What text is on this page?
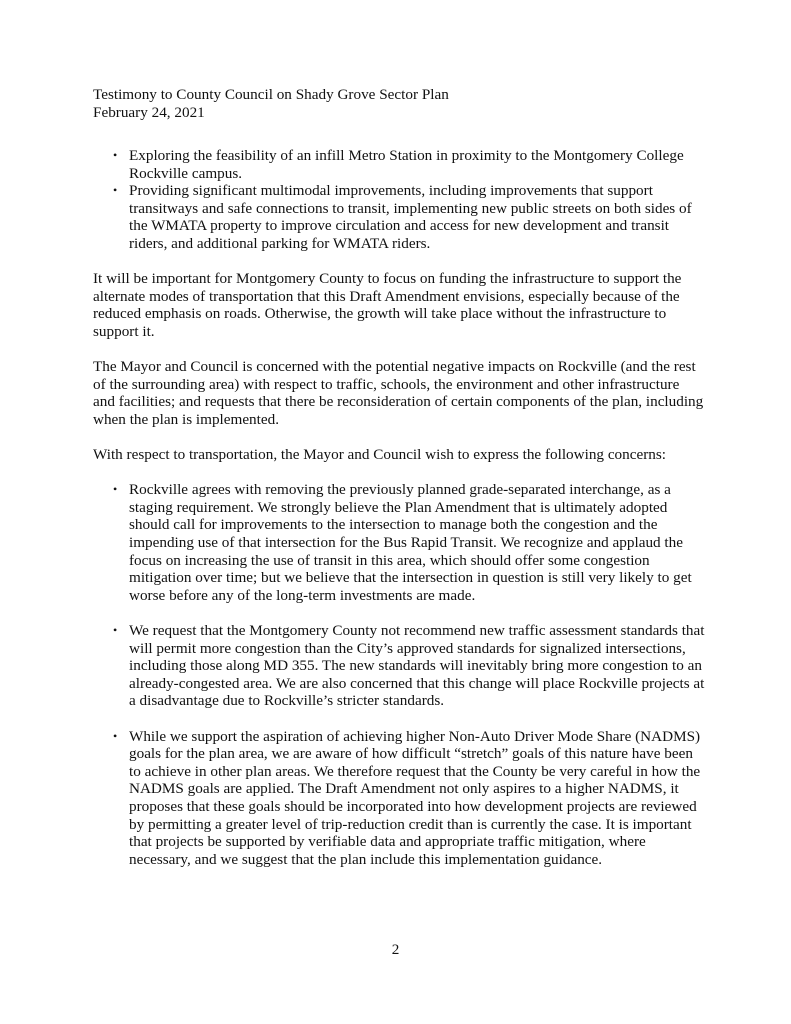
Testimony to County Council on Shady Grove Sector Plan
February 24, 2021
• Exploring the feasibility of an infill Metro Station in proximity to the Montgomery College Rockville campus.
• Providing significant multimodal improvements, including improvements that support transitways and safe connections to transit, implementing new public streets on both sides of the WMATA property to improve circulation and access for new development and transit riders, and additional parking for WMATA riders.

It will be important for Montgomery County to focus on funding the infrastructure to support the alternate modes of transportation that this Draft Amendment envisions, especially because of the reduced emphasis on roads. Otherwise, the growth will take place without the infrastructure to support it.

The Mayor and Council is concerned with the potential negative impacts on Rockville (and the rest of the surrounding area) with respect to traffic, schools, the environment and other infrastructure and facilities; and requests that there be reconsideration of certain components of the plan, including when the plan is implemented.

With respect to transportation, the Mayor and Council wish to express the following concerns:

• Rockville agrees with removing the previously planned grade-separated interchange, as a staging requirement. We strongly believe the Plan Amendment that is ultimately adopted should call for improvements to the intersection to manage both the congestion and the impending use of that intersection for the Bus Rapid Transit. We recognize and applaud the focus on increasing the use of transit in this area, which should offer some congestion mitigation over time; but we believe that the intersection in question is still very likely to get worse before any of the long-term investments are made.
• We request that the Montgomery County not recommend new traffic assessment standards that will permit more congestion than the City’s approved standards for signalized intersections, including those along MD 355. The new standards will inevitably bring more congestion to an already-congested area. We are also concerned that this change will place Rockville projects at a disadvantage due to Rockville’s stricter standards.
• While we support the aspiration of achieving higher Non-Auto Driver Mode Share (NADMS) goals for the plan area, we are aware of how difficult “stretch” goals of this nature have been to achieve in other plan areas. We therefore request that the County be very careful in how the NADMS goals are applied. The Draft Amendment not only aspires to a higher NADMS, it proposes that these goals should be incorporated into how development projects are reviewed by permitting a greater level of trip-reduction credit than is currently the case. It is important that projects be supported by verifiable data and appropriate traffic mitigation, where necessary, and we suggest that the plan include this implementation guidance.
2
